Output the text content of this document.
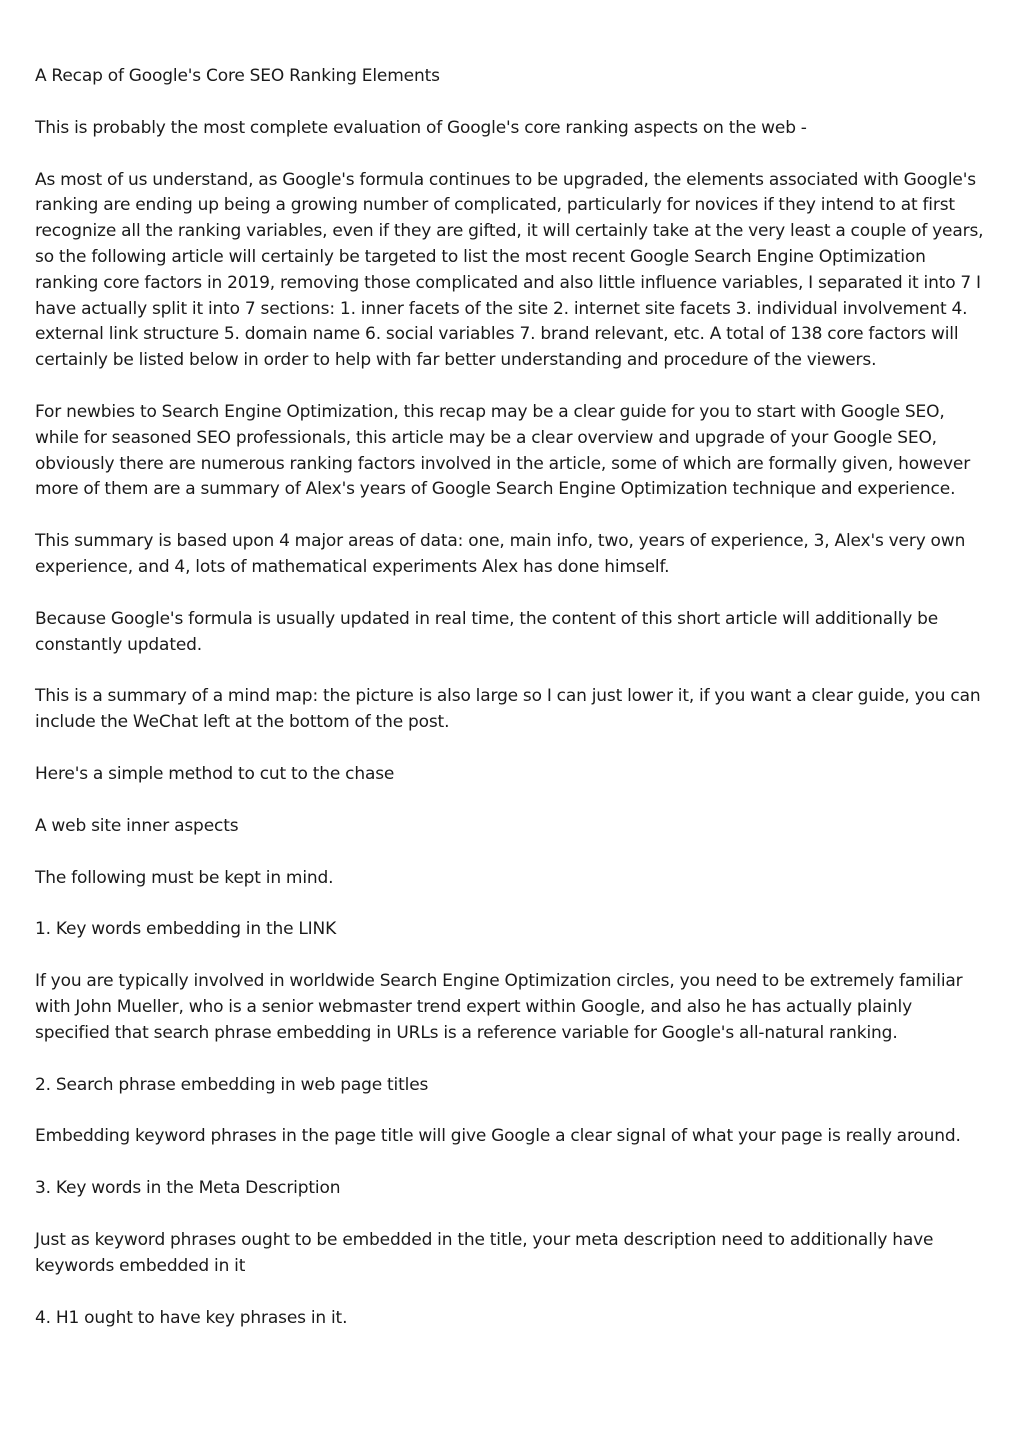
A Recap of Google's Core SEO Ranking Elements

This is probably the most complete evaluation of Google's core ranking aspects on the web -

As most of us understand, as Google's formula continues to be upgraded, the elements associated with Google's ranking are ending up being a growing number of complicated, particularly for novices if they intend to at first recognize all the ranking variables, even if they are gifted, it will certainly take at the very least a couple of years, so the following article will certainly be targeted to list the most recent Google Search Engine Optimization ranking core factors in 2019, removing those complicated and also little influence variables, I separated it into 7 I have actually split it into 7 sections: 1. inner facets of the site 2. internet site facets 3. individual involvement 4. external link structure 5. domain name 6. social variables 7. brand relevant, etc. A total of 138 core factors will certainly be listed below in order to help with far better understanding and procedure of the viewers.

For newbies to Search Engine Optimization, this recap may be a clear guide for you to start with Google SEO, while for seasoned SEO professionals, this article may be a clear overview and upgrade of your Google SEO, obviously there are numerous ranking factors involved in the article, some of which are formally given, however more of them are a summary of Alex's years of Google Search Engine Optimization technique and experience.

This summary is based upon 4 major areas of data: one, main info, two, years of experience, 3, Alex's very own experience, and 4, lots of mathematical experiments Alex has done himself.

Because Google's formula is usually updated in real time, the content of this short article will additionally be constantly updated.

This is a summary of a mind map: the picture is also large so I can just lower it, if you want a clear guide, you can include the WeChat left at the bottom of the post.

Here's a simple method to cut to the chase

A web site inner aspects

The following must be kept in mind.

1. Key words embedding in the LINK

If you are typically involved in worldwide Search Engine Optimization circles, you need to be extremely familiar with John Mueller, who is a senior webmaster trend expert within Google, and also he has actually plainly specified that search phrase embedding in URLs is a reference variable for Google's all-natural ranking.

2. Search phrase embedding in web page titles

Embedding keyword phrases in the page title will give Google a clear signal of what your page is really around.

3. Key words in the Meta Description

Just as keyword phrases ought to be embedded in the title, your meta description need to additionally have keywords embedded in it

4. H1 ought to have key phrases in it.
